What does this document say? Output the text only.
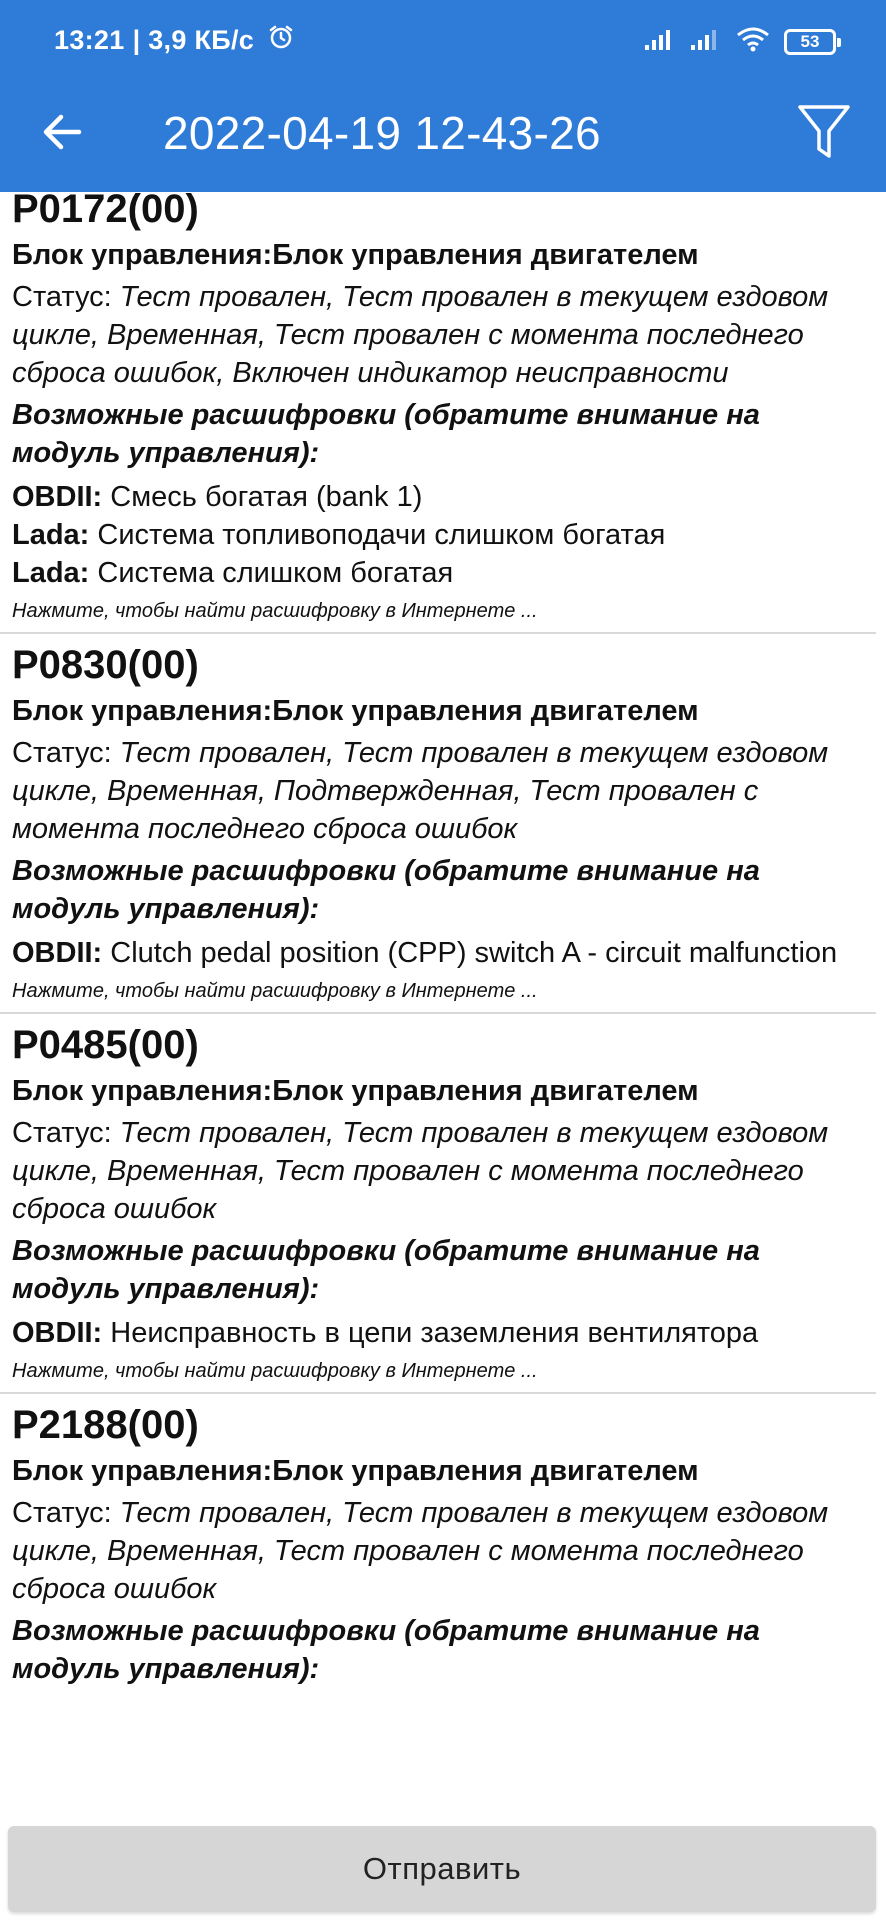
13:21 | 3,9 КБ/с	53
2022-04-19 12-43-26
P0172(00)
Блок управления:Блок управления двигателем
Статус: Тест провален, Тест провален в текущем ездовом цикле, Временная, Тест провален с момента последнего сброса ошибок, Включен индикатор неисправности
Возможные расшифровки (обратите внимание на модуль управления):
OBDII: Смесь богатая (bank 1)
Lada: Система топливоподачи слишком богатая
Lada: Система слишком богатая
Нажмите, чтобы найти расшифровку в Интернете ...
P0830(00)
Блок управления:Блок управления двигателем
Статус: Тест провален, Тест провален в текущем ездовом цикле, Временная, Подтвержденная, Тест провален с момента последнего сброса ошибок
Возможные расшифровки (обратите внимание на модуль управления):
OBDII: Clutch pedal position (CPP) switch A - circuit malfunction
Нажмите, чтобы найти расшифровку в Интернете ...
P0485(00)
Блок управления:Блок управления двигателем
Статус: Тест провален, Тест провален в текущем ездовом цикле, Временная, Тест провален с момента последнего сброса ошибок
Возможные расшифровки (обратите внимание на модуль управления):
OBDII: Неисправность в цепи заземления вентилятора
Нажмите, чтобы найти расшифровку в Интернете ...
P2188(00)
Блок управления:Блок управления двигателем
Статус: Тест провален, Тест провален в текущем ездовом цикле, Временная, Тест провален с момента последнего сброса ошибок
Возможные расшифровки (обратите внимание на модуль управления):
Отправить
